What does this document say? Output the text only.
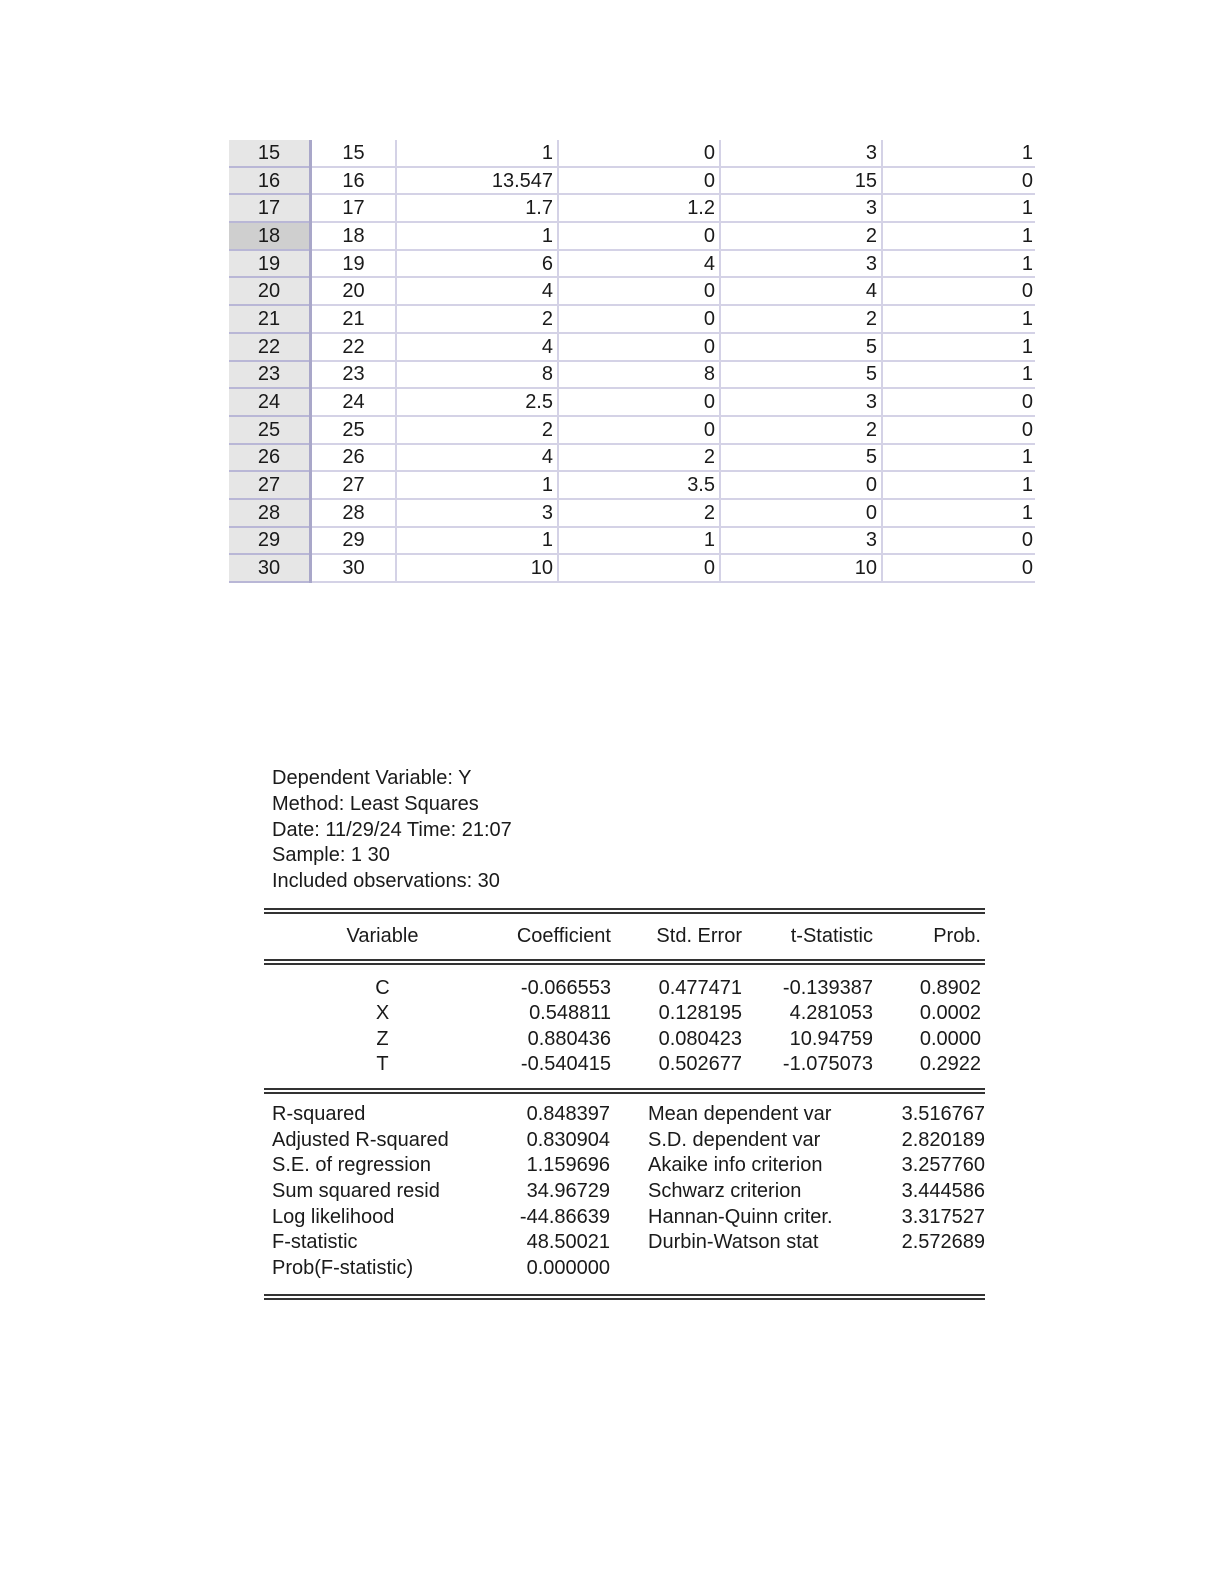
15	15	1	0	3	1
16	16	13.547	0	15	0
17	17	1.7	1.2	3	1
18	18	1	0	2	1
19	19	6	4	3	1
20	20	4	0	4	0
21	21	2	0	2	1
22	22	4	0	5	1
23	23	8	8	5	1
24	24	2.5	0	3	0
25	25	2	0	2	0
26	26	4	2	5	1
27	27	1	3.5	0	1
28	28	3	2	0	1
29	29	1	1	3	0
30	30	10	0	10	0
Dependent Variable: Y
Method: Least Squares
Date: 11/29/24 Time: 21:07
Sample: 1 30
Included observations: 30
Variable	Coefficient	Std. Error	t-Statistic	Prob.
C	-0.066553	0.477471	-0.139387	0.8902
X	0.548811	0.128195	4.281053	0.0002
Z	0.880436	0.080423	10.94759	0.0000
T	-0.540415	0.502677	-1.075073	0.2922
R-squared	0.848397	Mean dependent var	3.516767
Adjusted R-squared	0.830904	S.D. dependent var	2.820189
S.E. of regression	1.159696	Akaike info criterion	3.257760
Sum squared resid	34.96729	Schwarz criterion	3.444586
Log likelihood	-44.86639	Hannan-Quinn criter.	3.317527
F-statistic	48.50021	Durbin-Watson stat	2.572689
Prob(F-statistic)	0.000000
